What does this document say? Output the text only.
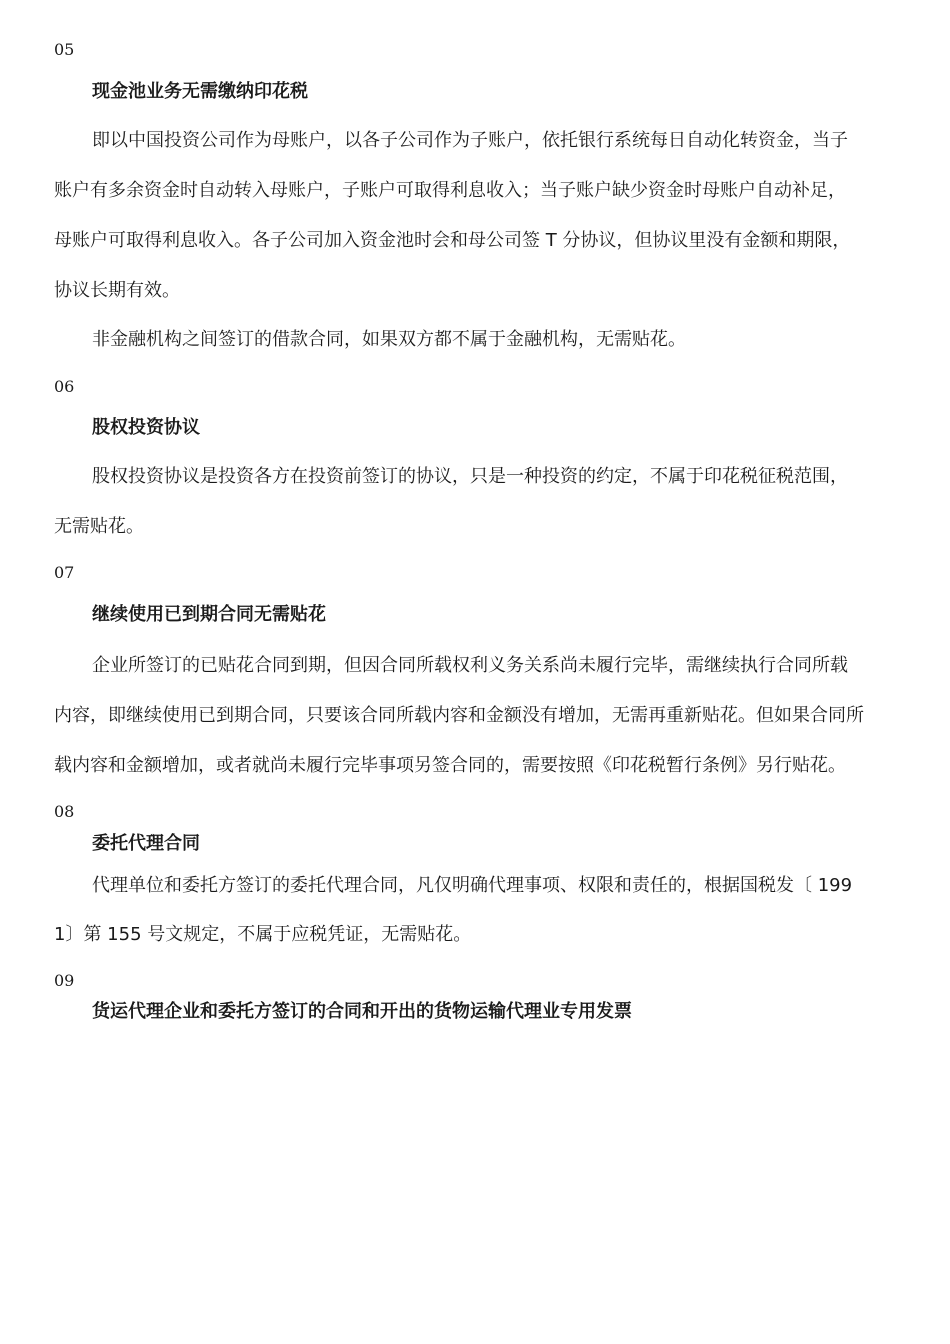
05
现金池业务无需缴纳印花税
即以中国投资公司作为母账户，以各子公司作为子账户，依托银行系统每日自动化转资金，当子
账户有多余资金时自动转入母账户，子账户可取得利息收入；当子账户缺少资金时母账户自动补足，
母账户可取得利息收入。各子公司加入资金池时会和母公司签 T 分协议，但协议里没有金额和期限，
协议长期有效。
非金融机构之间签订的借款合同，如果双方都不属于金融机构，无需贴花。
06
股权投资协议
股权投资协议是投资各方在投资前签订的协议，只是一种投资的约定，不属于印花税征税范围，
无需贴花。
07
继续使用已到期合同无需贴花
企业所签订的已贴花合同到期，但因合同所载权利义务关系尚未履行完毕，需继续执行合同所载
内容，即继续使用已到期合同，只要该合同所载内容和金额没有增加，无需再重新贴花。但如果合同所
载内容和金额增加，或者就尚未履行完毕事项另签合同的，需要按照《印花税暂行条例》另行贴花。
08
委托代理合同
代理单位和委托方签订的委托代理合同，凡仅明确代理事项、权限和责任的，根据国税发〔 199
1〕第 155 号文规定，不属于应税凭证，无需贴花。
09
货运代理企业和委托方签订的合同和开出的货物运输代理业专用发票
